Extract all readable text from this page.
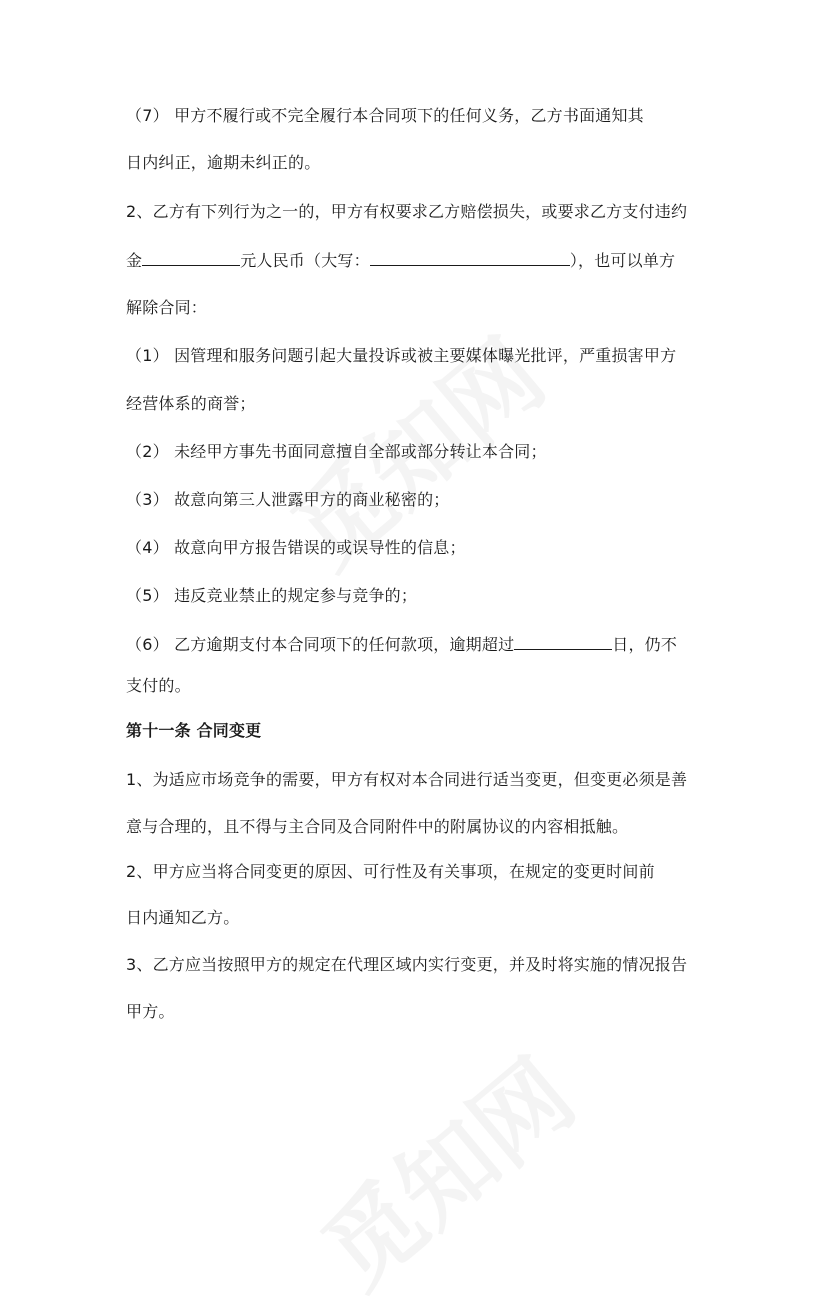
（7） 甲方不履行或不完全履行本合同项下的任何义务，乙方书面通知其
日内纠正，逾期未纠正的。
2、乙方有下列行为之一的，甲方有权要求乙方赔偿损失，或要求乙方支付违约
金	元人民币（大写：	），也可以单方
解除合同：
（1） 因管理和服务问题引起大量投诉或被主要媒体曝光批评，严重损害甲方
经营体系的商誉；
（2） 未经甲方事先书面同意擅自全部或部分转让本合同；
（3） 故意向第三人泄露甲方的商业秘密的；
（4） 故意向甲方报告错误的或误导性的信息；
（5） 违反竞业禁止的规定参与竞争的；
（6） 乙方逾期支付本合同项下的任何款项，逾期超过	日，仍不
支付的。
第十一条 合同变更
1、为适应市场竞争的需要，甲方有权对本合同进行适当变更，但变更必须是善
意与合理的，且不得与主合同及合同附件中的附属协议的内容相抵触。
2、甲方应当将合同变更的原因、可行性及有关事项，在规定的变更时间前
日内通知乙方。
3、乙方应当按照甲方的规定在代理区域内实行变更，并及时将实施的情况报告
甲方。
